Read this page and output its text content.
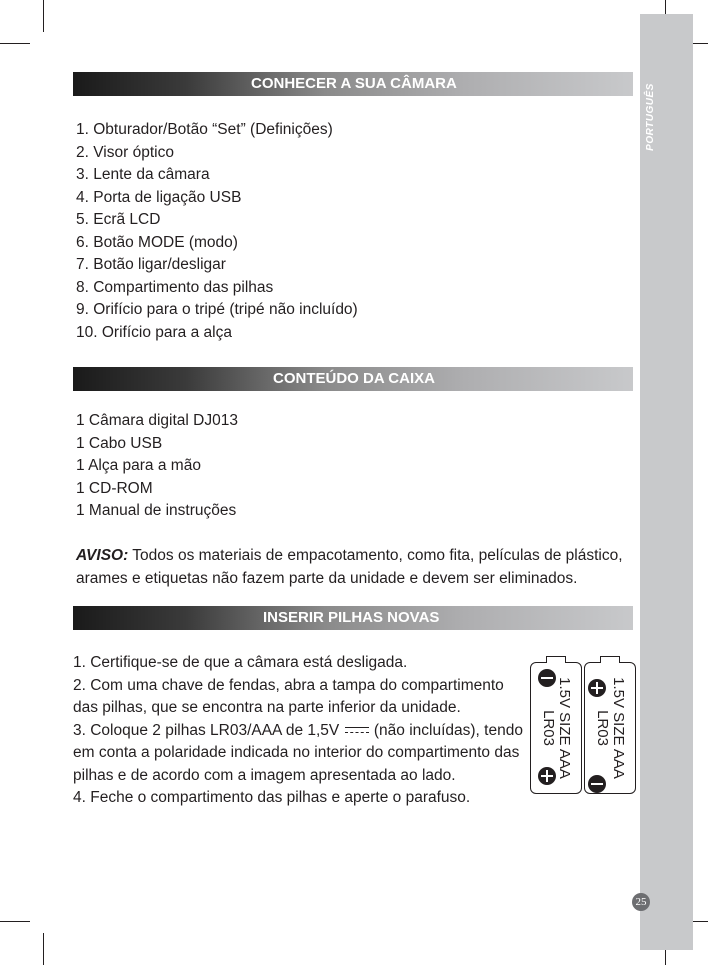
PORTUGUÊS
CONHECER A SUA CÂMARA
1. Obturador/Botão “Set” (Definições)
2. Visor óptico
3. Lente da câmara
4. Porta de ligação USB
5. Ecrã LCD
6. Botão MODE (modo)
7. Botão ligar/desligar
8. Compartimento das pilhas
9. Orifício para o tripé (tripé não incluído)
10. Orifício para a alça
CONTEÚDO DA CAIXA
1 Câmara digital DJ013
1 Cabo USB
1 Alça para a mão
1 CD-ROM
1 Manual de instruções

AVISO: Todos os materiais de empacotamento, como fita, películas de plástico, arames e etiquetas não fazem parte da unidade e devem ser eliminados.

INSERIR PILHAS NOVAS
1. Certifique-se de que a câmara está desligada.
2. Com uma chave de fendas, abra a tampa do compartimento das pilhas, que se encontra na parte inferior da unidade.
3. Coloque 2 pilhas LR03/AAA de 1,5V  (não incluídas), tendo em conta a polaridade indicada no interior do compartimento das pilhas e de acordo com a imagem apresentada ao lado.
4. Feche o compartimento das pilhas e aperte o parafuso.
1.5V SIZE AAA
LR03	1.5V SIZE AAA
LR03
25
